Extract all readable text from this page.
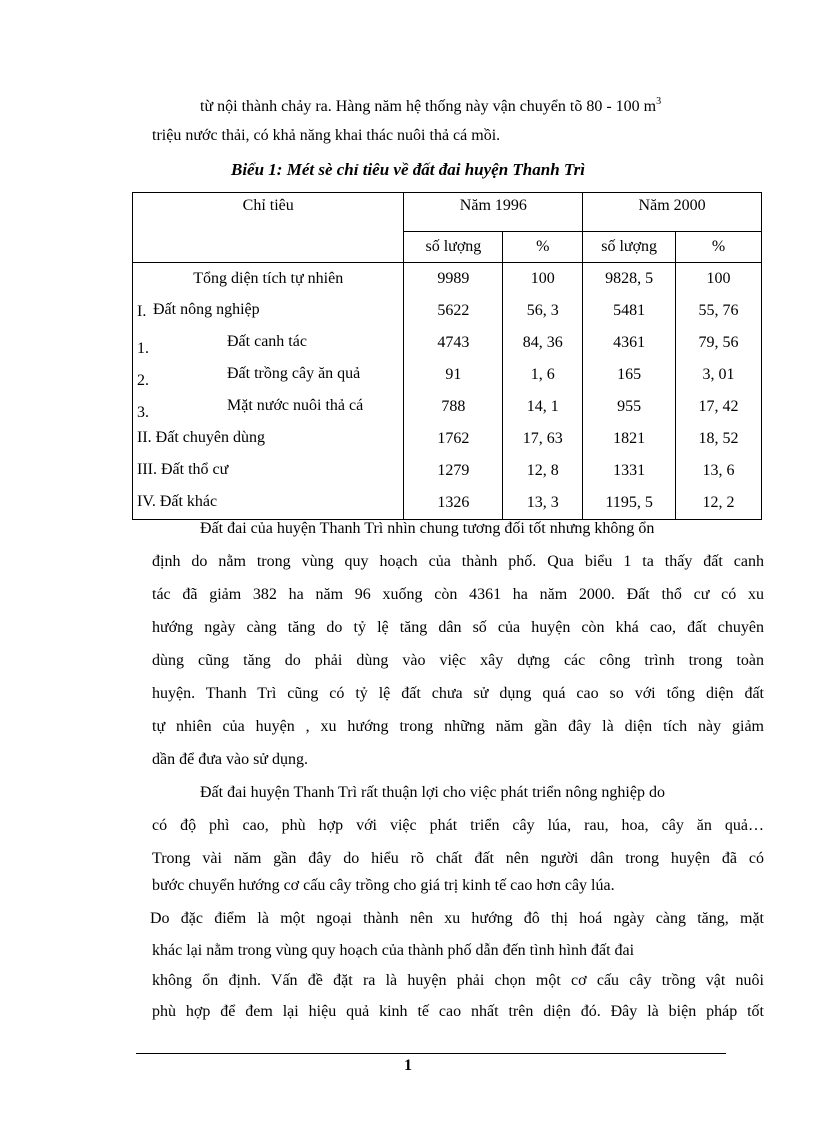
từ nội thành chảy ra. Hàng năm hệ thống này vận chuyển tõ 80 - 100 $m^3$

triệu nước thải, có khả năng khai thác nuôi thả cá mồi.

Biểu 1: Mét sè chỉ tiêu về đất đai huyện Thanh Trì

Chỉ tiêu	Năm 1996		Năm 2000	
	số lượng	%	số lượng	%

Tổng diện tích tự nhiên	9989	100	9828, 5	100

I. Đất nông nghiệp	5622	56, 3	5481	55, 76

1. Đất canh tác	4743	84, 36	4361	79, 56

2. Đất trồng cây ăn quả	91	1, 6	165	3, 01

3. Mặt nước nuôi thả cá	788	14, 1	955	17, 42

II. Đất chuyên dùng	1762	17, 63	1821	18, 52

III. Đất thổ cư	1279	12, 8	1331	13, 6

IV. Đất khác	1326	13, 3	1195, 5	12, 2

Đất đai của huyện Thanh Trì nhìn chung tương đối tốt nhưng không ổn

định do nằm trong vùng quy hoạch của thành phố. Qua biểu 1 ta thấy đất canh

tác đã giảm 382 ha năm 96 xuống còn 4361 ha năm 2000. Đất thổ cư có xu

hướng ngày càng tăng do tỷ lệ tăng dân số của huyện còn khá cao, đất chuyên

dùng cũng tăng do phải dùng vào việc xây dựng các công trình trong toàn

huyện. Thanh Trì cũng có tỷ lệ đất chưa sử dụng quá cao so với tổng diện đất

tự nhiên của huyện , xu hướng trong những năm gần đây là diện tích này giảm

dần để đưa vào sử dụng.

Đất đai huyện Thanh Trì rất thuận lợi cho việc phát triển nông nghiệp do

có độ phì cao, phù hợp với việc phát triển cây lúa, rau, hoa, cây ăn quả…

Trong vài năm gần đây do hiểu rõ chất đất nên người dân trong huyện đã có

bước chuyển hướng cơ cấu cây trồng cho giá trị kinh tế cao hơn cây lúa.

Do đặc điểm là một ngoại thành nên xu hướng đô thị hoá ngày càng tăng, mặt

khác lại nằm trong vùng quy hoạch của thành phố dẫn đến tình hình đất đai

không ổn định. Vấn đề đặt ra là huyện phải chọn một cơ cấu cây trồng vật nuôi

phù hợp để đem lại hiệu quả kinh tế cao nhất trên diện đó. Đây là biện pháp tốt

1
